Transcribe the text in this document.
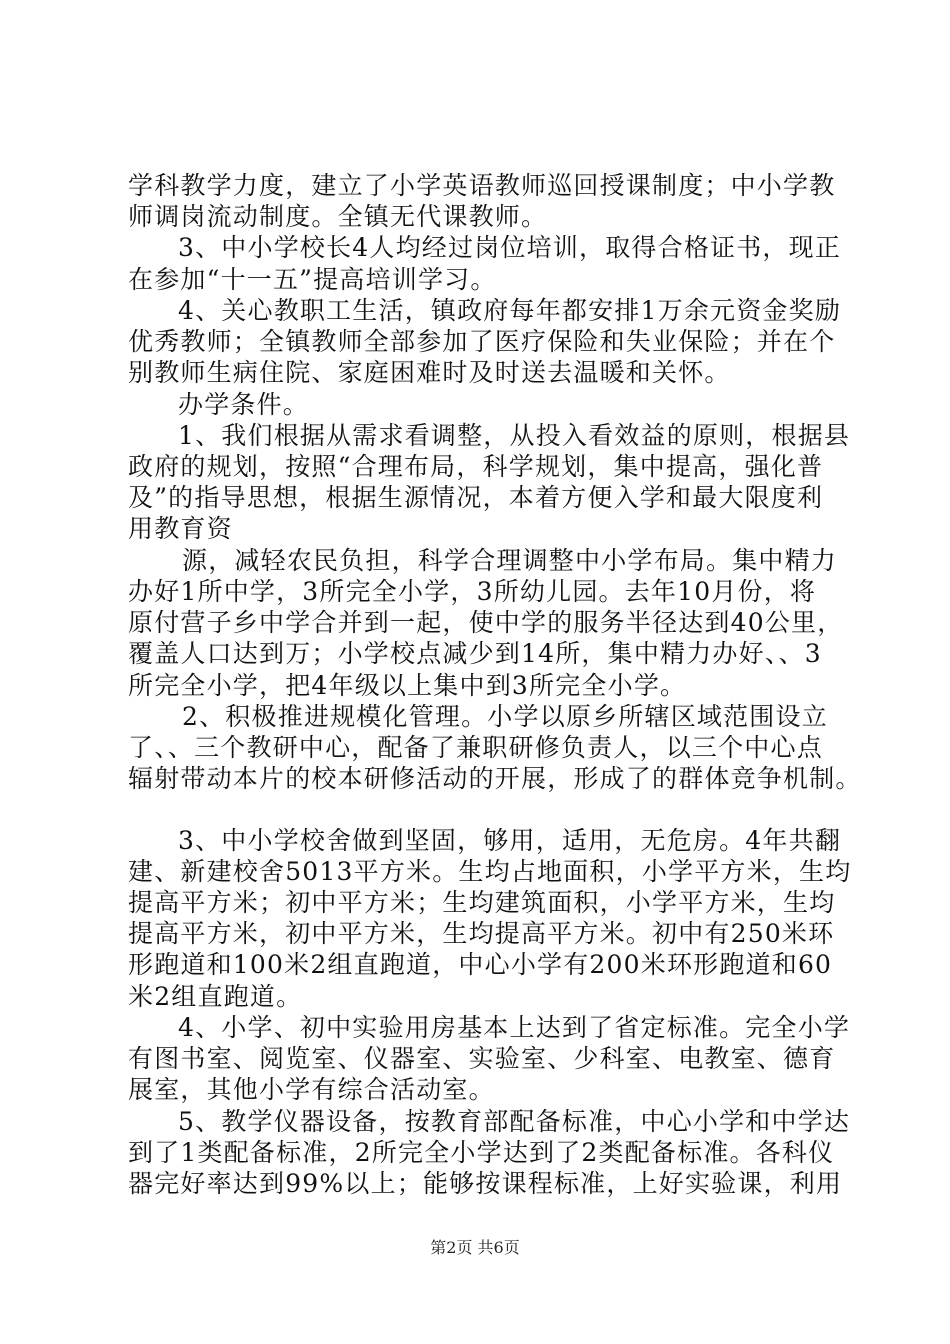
学科教学力度，建立了小学英语教师巡回授课制度；中小学教
师调岗流动制度。全镇无代课教师。
3、中小学校长4人均经过岗位培训，取得合格证书，现正
在参加“十一五”提高培训学习。
4、关心教职工生活，镇政府每年都安排1万余元资金奖励
优秀教师；全镇教师全部参加了医疗保险和失业保险；并在个
别教师生病住院、家庭困难时及时送去温暖和关怀。
办学条件。
1、我们根据从需求看调整，从投入看效益的原则，根据县
政府的规划，按照“合理布局，科学规划，集中提高，强化普
及”的指导思想，根据生源情况，本着方便入学和最大限度利
用教育资
源，减轻农民负担，科学合理调整中小学布局。集中精力
办好1所中学，3所完全小学，3所幼儿园。去年10月份，将
原付营子乡中学合并到一起，使中学的服务半径达到40公里，
覆盖人口达到万；小学校点减少到14所，集中精力办好、、3
所完全小学，把4年级以上集中到3所完全小学。
2、积极推进规模化管理。小学以原乡所辖区域范围设立
了、、三个教研中心，配备了兼职研修负责人，以三个中心点
辐射带动本片的校本研修活动的开展，形成了的群体竞争机制。
3、中小学校舍做到坚固，够用，适用，无危房。4年共翻
建、新建校舍5013平方米。生均占地面积，小学平方米，生均
提高平方米；初中平方米；生均建筑面积，小学平方米，生均
提高平方米，初中平方米，生均提高平方米。初中有250米环
形跑道和100米2组直跑道，中心小学有200米环形跑道和60
米2组直跑道。
4、小学、初中实验用房基本上达到了省定标准。完全小学
有图书室、阅览室、仪器室、实验室、少科室、电教室、德育
展室，其他小学有综合活动室。
5、教学仪器设备，按教育部配备标准，中心小学和中学达
到了1类配备标准，2所完全小学达到了2类配备标准。各科仪
器完好率达到99%以上；能够按课程标准，上好实验课，利用
第2页 共6页
